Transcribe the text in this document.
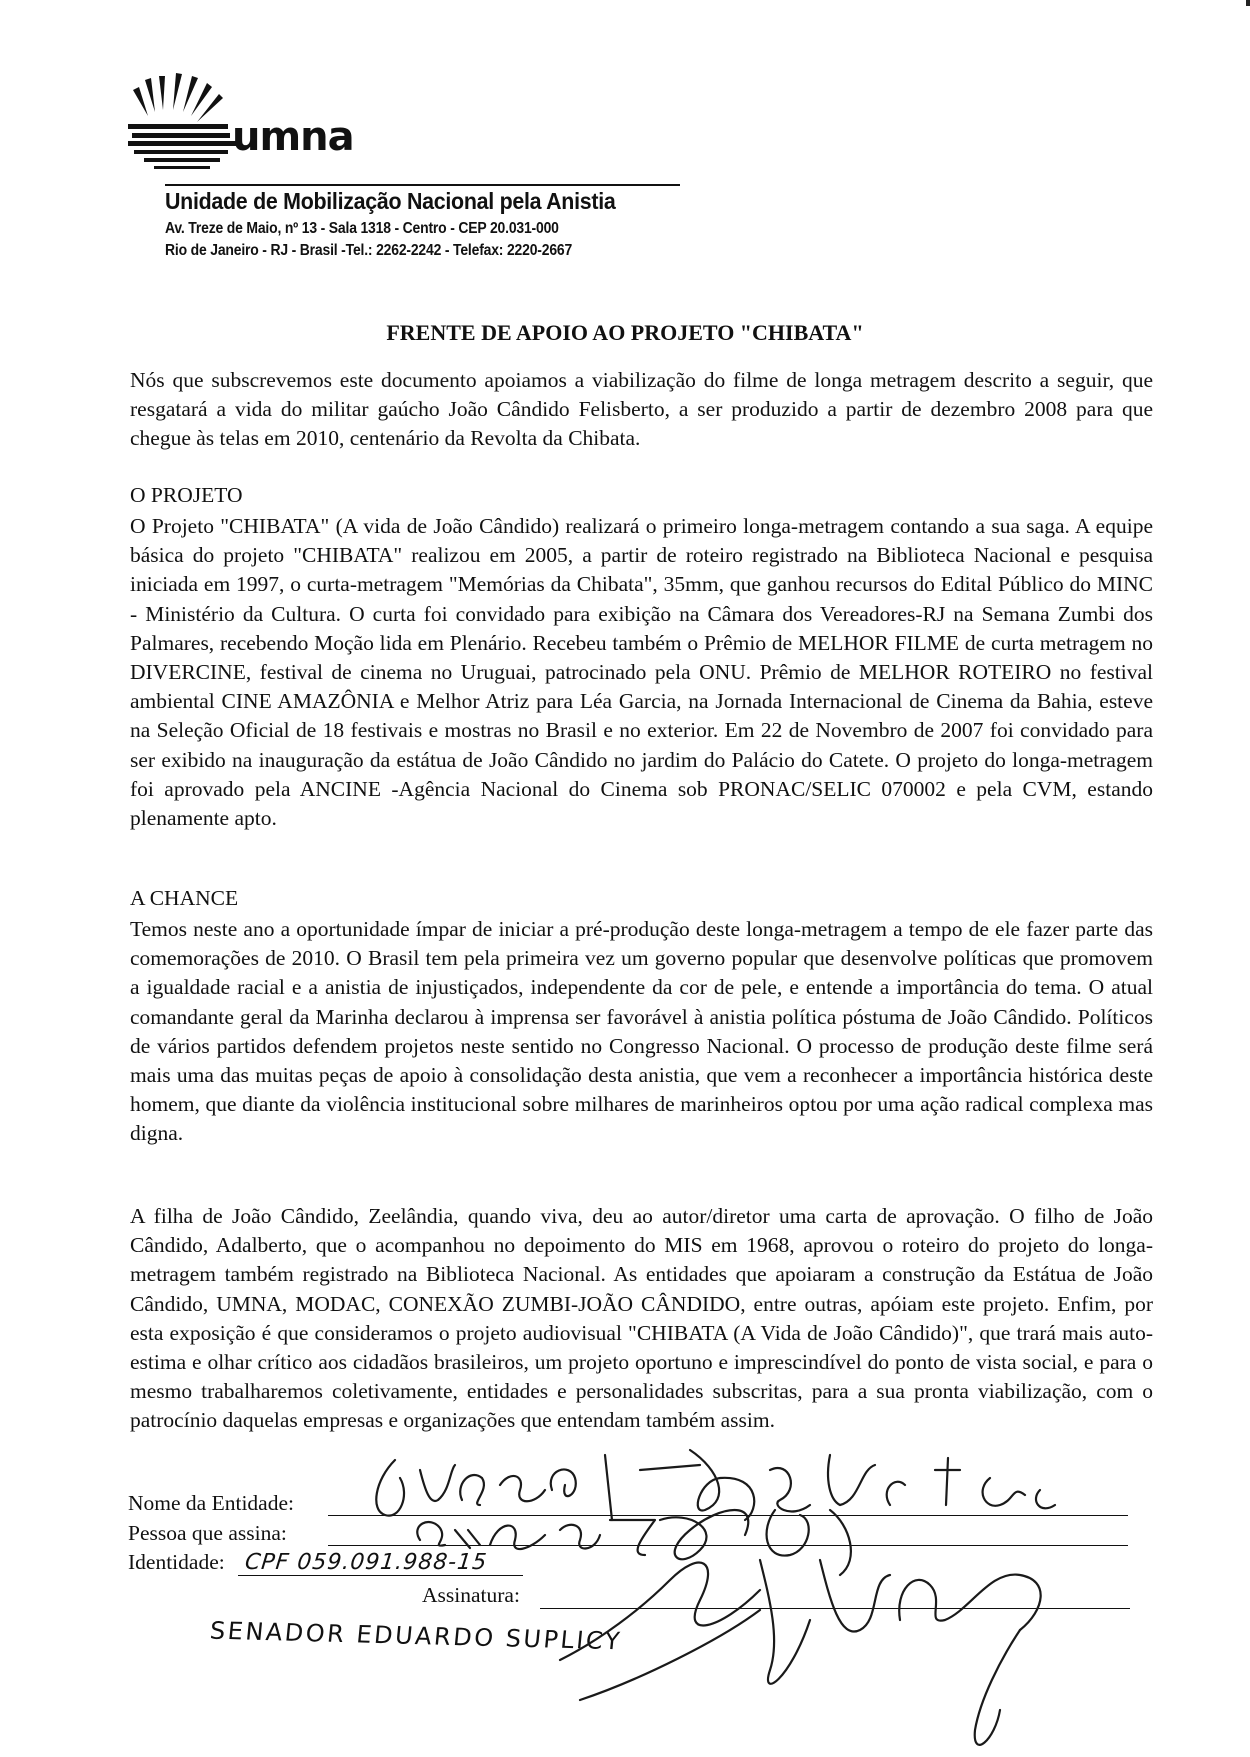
umna
Unidade de Mobilização Nacional pela Anistia
Av. Treze de Maio, nº 13 - Sala 1318 - Centro - CEP 20.031-000
Rio de Janeiro - RJ - Brasil -Tel.: 2262-2242 - Telefax: 2220-2667
FRENTE DE APOIO AO PROJETO "CHIBATA"

Nós que subscrevemos este documento apoiamos a viabilização do filme de longa metragem descrito a seguir, que resgatará a vida do militar gaúcho João Cândido Felisberto, a ser produzido a partir de dezembro 2008 para que chegue às telas em 2010, centenário da Revolta da Chibata.

O PROJETO

O Projeto "CHIBATA" (A vida de João Cândido) realizará o primeiro longa-metragem contando a sua saga. A equipe básica do projeto "CHIBATA" realizou em 2005, a partir de roteiro registrado na Biblioteca Nacional e pesquisa iniciada em 1997, o curta-metragem "Memórias da Chibata", 35mm, que ganhou recursos do Edital Público do MINC - Ministério da Cultura. O curta foi convidado para exibição na Câmara dos Vereadores-RJ na Semana Zumbi dos Palmares, recebendo Moção lida em Plenário. Recebeu também o Prêmio de MELHOR FILME de curta metragem no DIVERCINE, festival de cinema no Uruguai, patrocinado pela ONU. Prêmio de MELHOR ROTEIRO no festival ambiental CINE AMAZÔNIA e Melhor Atriz para Léa Garcia, na Jornada Internacional de Cinema da Bahia, esteve na Seleção Oficial de 18 festivais e mostras no Brasil e no exterior. Em 22 de Novembro de 2007 foi convidado para ser exibido na inauguração da estátua de João Cândido no jardim do Palácio do Catete. O projeto do longa-metragem foi aprovado pela ANCINE -Agência Nacional do Cinema sob PRONAC/SELIC 070002 e pela CVM, estando plenamente apto.

A CHANCE

Temos neste ano a oportunidade ímpar de iniciar a pré-produção deste longa-metragem a tempo de ele fazer parte das comemorações de 2010. O Brasil tem pela primeira vez um governo popular que desenvolve políticas que promovem a igualdade racial e a anistia de injustiçados, independente da cor de pele, e entende a importância do tema. O atual comandante geral da Marinha declarou à imprensa ser favorável à anistia política póstuma de João Cândido. Políticos de vários partidos defendem projetos neste sentido no Congresso Nacional. O processo de produção deste filme será mais uma das muitas peças de apoio à consolidação desta anistia, que vem a reconhecer a importância histórica deste homem, que diante da violência institucional sobre milhares de marinheiros optou por uma ação radical complexa mas digna.

A filha de João Cândido, Zeelândia, quando viva, deu ao autor/diretor uma carta de aprovação. O filho de João Cândido, Adalberto, que o acompanhou no depoimento do MIS em 1968, aprovou o roteiro do projeto do longa-metragem também registrado na Biblioteca Nacional. As entidades que apoiaram a construção da Estátua de João Cândido, UMNA, MODAC, CONEXÃO ZUMBI-JOÃO CÂNDIDO, entre outras, apóiam este projeto. Enfim, por esta exposição é que consideramos o projeto audiovisual "CHIBATA (A Vida de João Cândido)", que trará mais auto-estima e olhar crítico aos cidadãos brasileiros, um projeto oportuno e imprescindível do ponto de vista social, e para o mesmo trabalharemos coletivamente, entidades e personalidades subscritas, para a sua pronta viabilização, com o patrocínio daquelas empresas e organizações que entendam também assim.

Nome da Entidade:
Pessoa que assina:
Identidade: CPF 059.091.988-15
Assinatura:
SENADOR EDUARDO SUPLICY
